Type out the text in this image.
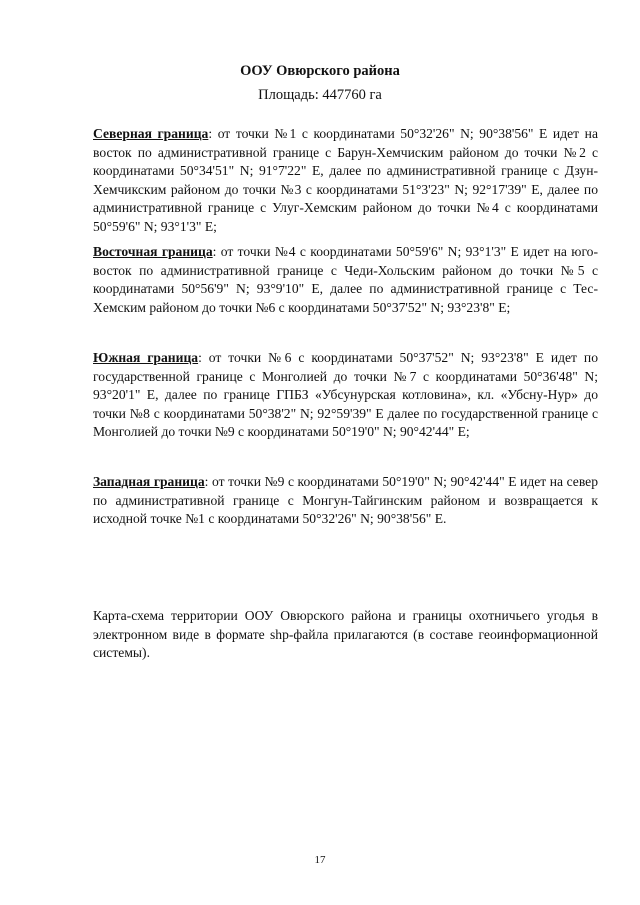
ООУ Овюрского района
Площадь: 447760 га

Северная граница: от точки №1 с координатами 50°32'26" N; 90°38'56" E идет на восток по административной границе с Барун-Хемчиским районом до точки №2 с координатами 50°34'51" N; 91°7'22" E, далее по административной границе с Дзун-Хемчикским районом до точки №3 с координатами 51°3'23" N; 92°17'39" E, далее по административной границе с Улуг-Хемским районом до точки №4 с координатами 50°59'6" N; 93°1'3" E;

Восточная граница: от точки №4 с координатами 50°59'6" N; 93°1'3" E идет на юго-восток по административной границе с Чеди-Хольским районом до точки №5 с координатами 50°56'9" N; 93°9'10" E, далее по административной границе с Тес-Хемским районом до точки №6 с координатами 50°37'52" N; 93°23'8" E;

Южная граница: от точки №6 с координатами 50°37'52" N; 93°23'8" E идет по государственной границе с Монголией до точки №7 с координатами 50°36'48" N; 93°20'1" E, далее по границе ГПБЗ «Убсунурская котловина», кл. «Убсну-Нур» до точки №8 с координатами 50°38'2" N; 92°59'39" E далее по государственной границе с Монголией до точки №9 с координатами 50°19'0" N; 90°42'44" E;

Западная граница: от точки №9 с координатами 50°19'0" N; 90°42'44" E идет на север по административной границе с Монгун-Тайгинским районом и возвращается к исходной точке №1 с координатами 50°32'26" N; 90°38'56" E.

Карта-схема территории ООУ Овюрского района и границы охотничьего угодья в электронном виде в формате shp-файла прилагаются (в составе геоинформационной системы).

17
